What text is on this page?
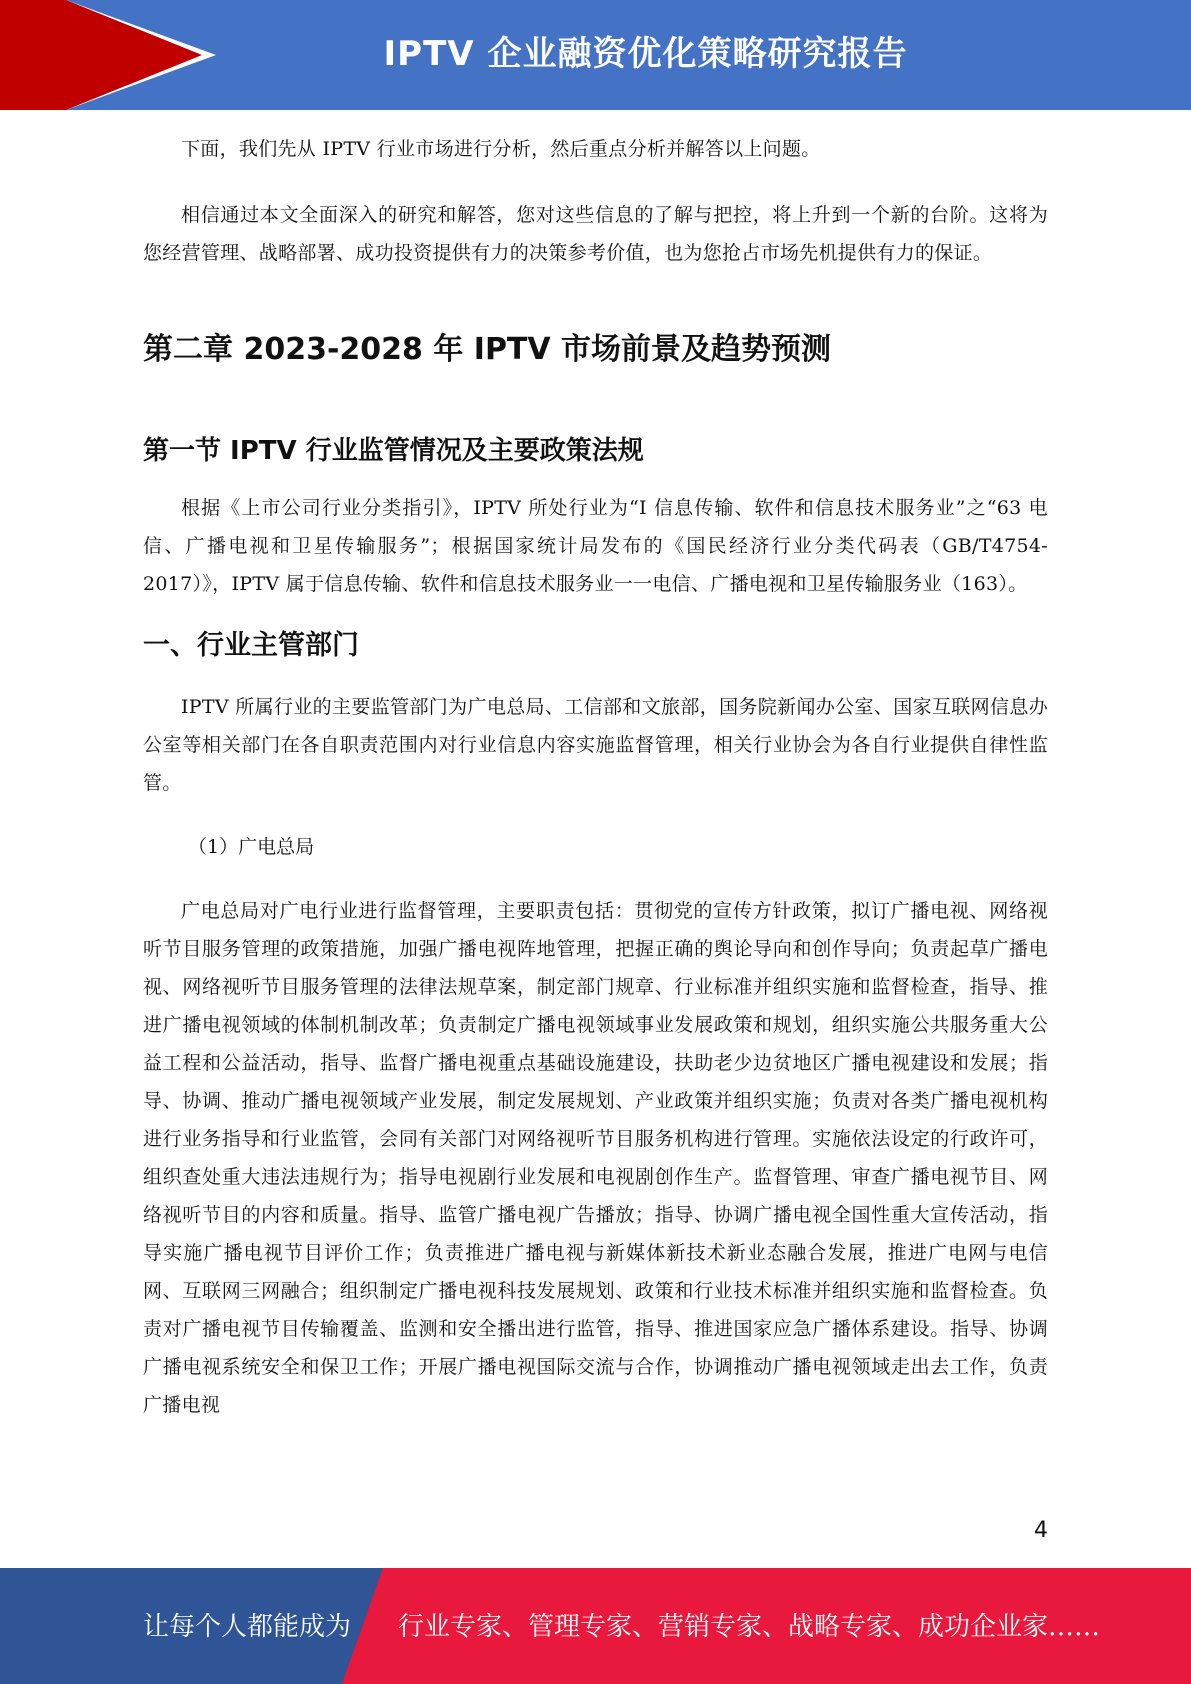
IPTV 企业融资优化策略研究报告

下面，我们先从 IPTV 行业市场进行分析，然后重点分析并解答以上问题。

相信通过本文全面深入的研究和解答，您对这些信息的了解与把控，将上升到一个新的台阶。这将为您经营管理、战略部署、成功投资提供有力的决策参考价值，也为您抢占市场先机提供有力的保证。

第二章 2023-2028 年 IPTV 市场前景及趋势预测
第一节 IPTV 行业监管情况及主要政策法规

根据《上市公司行业分类指引》，IPTV 所处行业为“I 信息传输、软件和信息技术服务业”之“63 电信、广播电视和卫星传输服务”；根据国家统计局发布的《国民经济行业分类代码表（GB/T4754-2017）》，IPTV 属于信息传输、软件和信息技术服务业一一电信、广播电视和卫星传输服务业（163）。

一、行业主管部门

IPTV 所属行业的主要监管部门为广电总局、工信部和文旅部，国务院新闻办公室、国家互联网信息办公室等相关部门在各自职责范围内对行业信息内容实施监督管理，相关行业协会为各自行业提供自律性监管。

（1）广电总局

广电总局对广电行业进行监督管理，主要职责包括：贯彻党的宣传方针政策，拟订广播电视、网络视听节目服务管理的政策措施，加强广播电视阵地管理，把握正确的舆论导向和创作导向；负责起草广播电视、网络视听节目服务管理的法律法规草案，制定部门规章、行业标准并组织实施和监督检查，指导、推进广播电视领域的体制机制改革；负责制定广播电视领域事业发展政策和规划，组织实施公共服务重大公益工程和公益活动，指导、监督广播电视重点基础设施建设，扶助老少边贫地区广播电视建设和发展；指导、协调、推动广播电视领域产业发展，制定发展规划、产业政策并组织实施；负责对各类广播电视机构进行业务指导和行业监管，会同有关部门对网络视听节目服务机构进行管理。实施依法设定的行政许可，组织查处重大违法违规行为；指导电视剧行业发展和电视剧创作生产。监督管理、审查广播电视节目、网络视听节目的内容和质量。指导、监管广播电视广告播放；指导、协调广播电视全国性重大宣传活动，指导实施广播电视节目评价工作；负责推进广播电视与新媒体新技术新业态融合发展，推进广电网与电信网、互联网三网融合；组织制定广播电视科技发展规划、政策和行业技术标准并组织实施和监督检查。负责对广播电视节目传输覆盖、监测和安全播出进行监管，指导、推进国家应急广播体系建设。指导、协调广播电视系统安全和保卫工作；开展广播电视国际交流与合作，协调推动广播电视领域走出去工作，负责广播电视

4
让每个人都能成为 行业专家、管理专家、营销专家、战略专家、成功企业家……
